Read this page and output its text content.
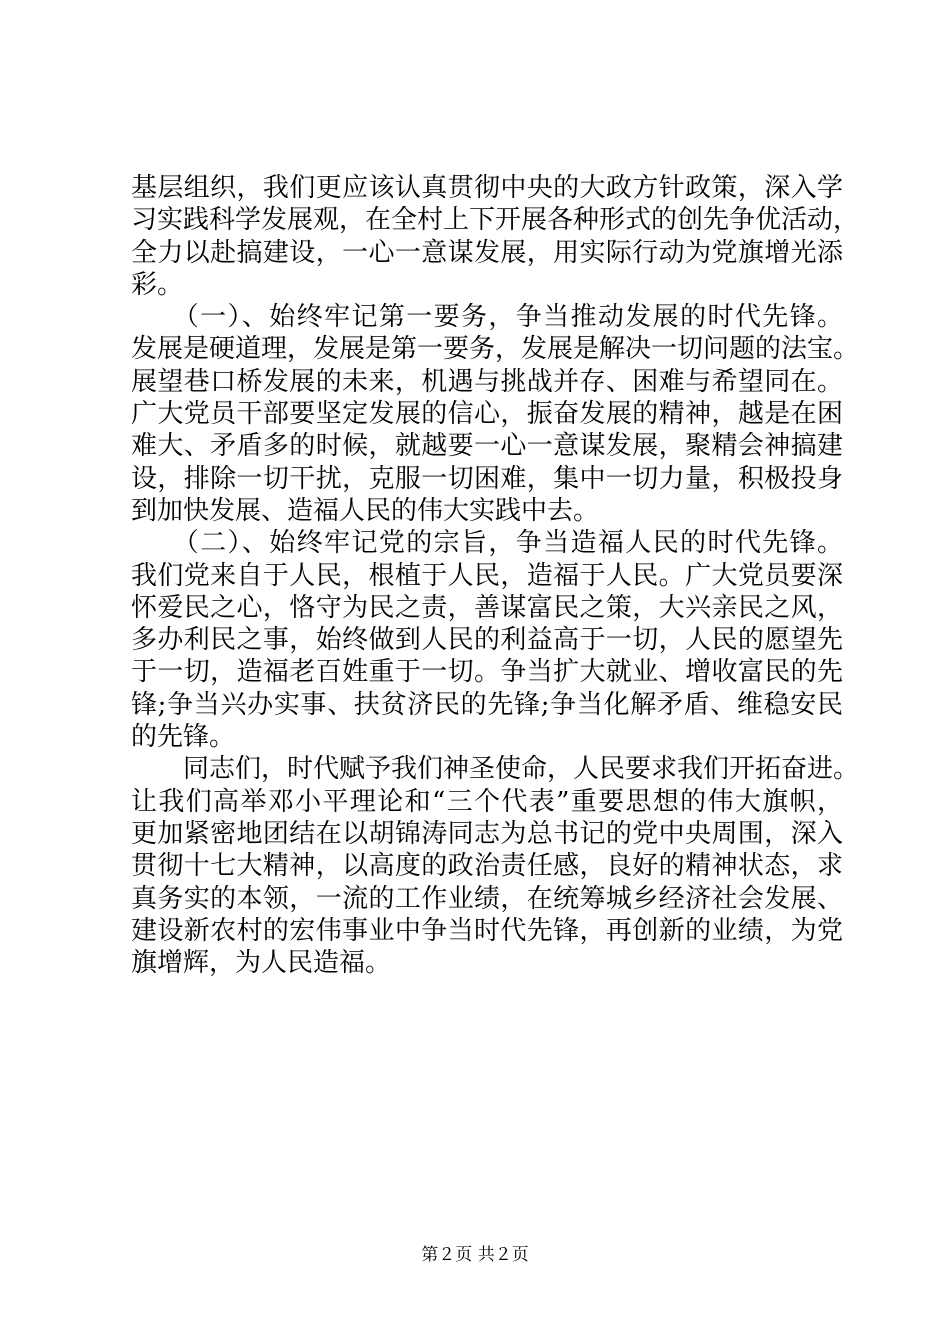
基层组织，我们更应该认真贯彻中央的大政方针政策，深入学
习实践科学发展观，在全村上下开展各种形式的创先争优活动，
全力以赴搞建设，一心一意谋发展，用实际行动为党旗增光添
彩。
　　（一）、始终牢记第一要务，争当推动发展的时代先锋。
发展是硬道理，发展是第一要务，发展是解决一切问题的法宝。
展望巷口桥发展的未来，机遇与挑战并存、困难与希望同在。
广大党员干部要坚定发展的信心，振奋发展的精神，越是在困
难大、矛盾多的时候，就越要一心一意谋发展，聚精会神搞建
设，排除一切干扰，克服一切困难，集中一切力量，积极投身
到加快发展、造福人民的伟大实践中去。
　　（二）、始终牢记党的宗旨，争当造福人民的时代先锋。
我们党来自于人民，根植于人民，造福于人民。广大党员要深
怀爱民之心，恪守为民之责，善谋富民之策，大兴亲民之风，
多办利民之事，始终做到人民的利益高于一切，人民的愿望先
于一切，造福老百姓重于一切。争当扩大就业、增收富民的先
锋;争当兴办实事、扶贫济民的先锋;争当化解矛盾、维稳安民
的先锋。
　　同志们，时代赋予我们神圣使命，人民要求我们开拓奋进。
让我们高举邓小平理论和“三个代表”重要思想的伟大旗帜，
更加紧密地团结在以胡锦涛同志为总书记的党中央周围，深入
贯彻十七大精神，以高度的政治责任感，良好的精神状态，求
真务实的本领，一流的工作业绩，在统筹城乡经济社会发展、
建设新农村的宏伟事业中争当时代先锋，再创新的业绩，为党
旗增辉，为人民造福。
第２页 共２页
